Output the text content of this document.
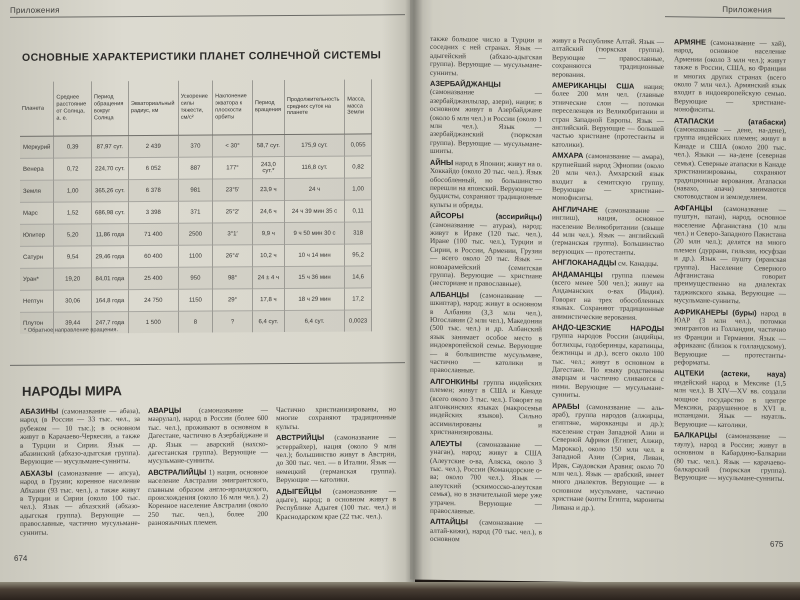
Приложения
ОСНОВНЫЕ ХАРАКТЕРИСТИКИ ПЛАНЕТ СОЛНЕЧНОЙ СИСТЕМЫ
Планета	Среднее расстояние от Солнца, а. е.	Период обращения вокруг Солнца	Экваториальный радиус, км	Ускорение силы тяжести, см/с²	Наклонение экватора к плоскости орбиты	Период вращения	Продолжительность средних суток на планете	Масса, масса Земли
Меркурий	0,39	87,97 сут.	2 439	370	< 30°	58,7 сут.	175,9 сут.	0,055
Венера	0,72	224,70 сут.	6 052	887	177°	243,0 сут.*	116,8 сут.	0,82
Земля	1,00	365,26 сут.	6 378	981	23°5′	23,9 ч	24 ч	1,00
Марс	1,52	686,98 сут.	3 398	371	25°2′	24,6 ч	24 ч 39 мин 35 с	0,11
Юпитер	5,20	11,86 года	71 400	2500	3°1′	9,9 ч	9 ч 50 мин 30 с	318
Сатурн	9,54	29,46 года	60 400	1100	26°4′	10,2 ч	10 ч 14 мин	95,2
Уран*	19,20	84,01 года	25 400	950	98°	24 ± 4 ч	15 ч 36 мин	14,6
Нептун	30,06	164,8 года	24 750	1150	29°	17,8 ч	18 ч 29 мин	17,2
Плутон	39,44	247,7 года	1 500	8	?	6,4 сут.	6,4 сут.	0,0023
* Обратное направление вращения.
НАРОДЫ МИРА
АБАЗИНЫ (самоназвание — абаза), народ (в России — 33 тыс. чел., за рубежом — 10 тыс.); в основном живут в Карачаево-Черкесии, а также в Турции и Сирии. Язык — абазинский (абхазо-адыгская группа). Верующие — мусульмане-сунниты.
АБХАЗЫ (самоназвание — апсуа), народ в Грузии; коренное население Абхазии (93 тыс. чел.), а также живут в Турции и Сирии (около 100 тыс. чел.). Язык — абхазский (абхазо-адыгская группа). Верующие — православные, частично мусульмане-сунниты.
АВАРЦЫ (самоназвание — маарулал), народ в России (более 600 тыс. чел.), проживают в основном в Дагестане, частично в Азербайджане и др. Язык — аварский (нахско-дагестанская группа). Верующие — мусульмане-сунниты.
АВСТРАЛИЙЦЫ 1) нация, основное население Австралии эмигрантского, главным образом англо-ирландского, происхождения (около 16 млн чел.). 2) Коренное население Австралии (около 250 тыс. чел.), более 200 разноязычных племен.
Частично христианизированы, но многие сохраняют традиционные культы.
АВСТРИЙЦЫ (самоназвание — эстеррайхер), нация (около 9 млн чел.); большинство живут в Австрии, до 300 тыс. чел. — в Италии. Язык — немецкий (германская группа). Верующие — католики.
АДЫГЕЙЦЫ (самоназвание — адыге), народ; в основном живут в Республике Адыгея (100 тыс. чел.) и Краснодарском крае (22 тыс. чел.).
674
Приложения
также большое число в Турции и соседних с ней странах. Язык — адыгейский (абхазо-адыгская группа). Верующие — мусульмане-сунниты.
АЗЕРБАЙДЖАНЦЫ (самоназвание — азербайджанлылар, азери), нация; в основном живут в Азербайджане (около 6 млн чел.) и России (около 1 млн чел.). Язык — азербайджанский (тюркская группа). Верующие — мусульмане-шииты.
АЙНЫ народ в Японии; живут на о. Хоккайдо (около 20 тыс. чел.). Язык обособленный, но большинство перешли на японский. Верующие — буддисты, сохраняют традиционные культы и обряды.
АЙСОРЫ (ассирийцы) (самоназвание — атурая), народ; живут в Ираке (120 тыс. чел.), Иране (100 тыс. чел.), Турции и Сирии, в России, Армении, Грузии — всего около 20 тыс. Язык — новоарамейский (семитская группа). Верующие — христиане (несториане и православные).
АЛБАНЦЫ (самоназвание — шкиптар), народ; живут в основном в Албании (3,3 млн чел.), Югославии (2 млн чел.), Македонии (500 тыс. чел.) и др. Албанский язык занимает особое место в индоевропейской семье. Верующие — в большинстве мусульмане, частично — католики и православные.
АЛГОНКИНЫ группа индейских племен; живут в США и Канаде (всего около 3 тыс. чел.). Говорят на алгонкинских языках (макросемья индейских языков). Сильно ассимилированы и христианизированы.
АЛЕУТЫ (самоназвание — унаган), народ; живут в США (Алеутские о-ва, Аляска, около 3 тыс. чел.), России (Командорские о-ва; около 700 чел.). Язык — алеутский (эскимосско-алеутская семья), но в значительной мере уже утрачен. Верующие — православные.
АЛТАЙЦЫ (самоназвание — алтай-кижи), народ (70 тыс. чел.), в основном
живут в Республике Алтай. Язык — алтайский (тюркская группа). Верующие — православные, сохраняются традиционные верования.
АМЕРИКАНЦЫ США нация; более 200 млн чел. (главные этнические слои — потомки переселенцев из Великобритании и стран Западной Европы. Язык — английский. Верующие — большей частью христиане (протестанты и католики).
АМХАРА (самоназвание — амара), крупнейший народ Эфиопии (около 20 млн чел.). Амхарский язык входит в семитскую группу. Верующие — христиане-монофиситы.
АНГЛИЧАНЕ (самоназвание — инглиш), нация, основное население Великобритании (свыше 44 млн чел.). Язык — английский (германская группа). Большинство верующих — протестанты.
АНГЛОКАНАДЦЫ см. Канадцы.
АНДАМАНЦЫ группа племен (всего менее 500 чел.); живут на Андаманских о-вах (Индия). Говорят на трех обособленных языках. Сохраняют традиционные анимистические верования.
АНДО-ЦЕЗСКИЕ НАРОДЫ группа народов России (андийцы, ботлихцы, годоберинцы, каратинцы, бежтинцы и др.), всего около 100 тыс. чел.; живут в основном в Дагестане. По языку родственны аварцам и частично сливаются с ними. Верующие — мусульмане-сунниты.
АРАБЫ (самоназвание — аль-араб), группа народов (алжирцы, египтяне, марокканцы и др.); население стран Западной Азии и Северной Африки (Египет, Алжир, Марокко), около 150 млн чел. в Западной Азии (Сирия, Ливан, Ирак, Саудовская Аравия; около 70 млн чел.). Язык — арабский, имеет много диалектов. Верующие — в основном мусульмане, частично христиане (копты Египта, марониты Ливана и др.).
АРМЯНЕ (самоназвание — хай), народ, основное население Армении (около 3 млн чел.); живут также в России, США, во Франции и многих других странах (всего около 7 млн чел.). Армянский язык входит в индоевропейскую семью. Верующие — христиане-монофиситы.
АТАПАСКИ (атабаски) (самоназвание — дене, на-дене), группа индейских племен; живут в Канаде и США (около 200 тыс. чел.). Языки — на-дене (северная семья). Северные атапаски в Канаде христианизированы, сохраняют традиционные верования. Атапаски (навахо, апачи) занимаются скотоводством и земледелием.
АФГАНЦЫ (самоназвание — пуштун, патан), народ, основное население Афганистана (10 млн чел.) и Северо-Западного Пакистана (20 млн чел.); делятся на много племен (дуррани, гильзаи, юсуфзаи и др.). Язык — пушту (иранская группа). Население Северного Афганистана говорит преимущественно на диалектах таджикского языка. Верующие — мусульмане-сунниты.
АФРИКАНЕРЫ (буры) народ в ЮАР (3 млн чел.), потомки эмигрантов из Голландии, частично из Франции и Германии. Язык — африкаанс (близок к голландскому). Верующие — протестанты-реформаты.
АЦТЕКИ (астеки, науа) индейский народ в Мексике (1,5 млн чел.). В XIV—XV вв. создали мощное государство в центре Мексики, разрушенное в XVI в. испанцами. Язык — науатль. Верующие — католики.
БАЛКАРЦЫ (самоназвание — таулу), народ в России; живут в основном в Кабардино-Балкарии (80 тыс. чел.). Язык — карачаево-балкарский (тюркская группа). Верующие — мусульмане-сунниты.
675
